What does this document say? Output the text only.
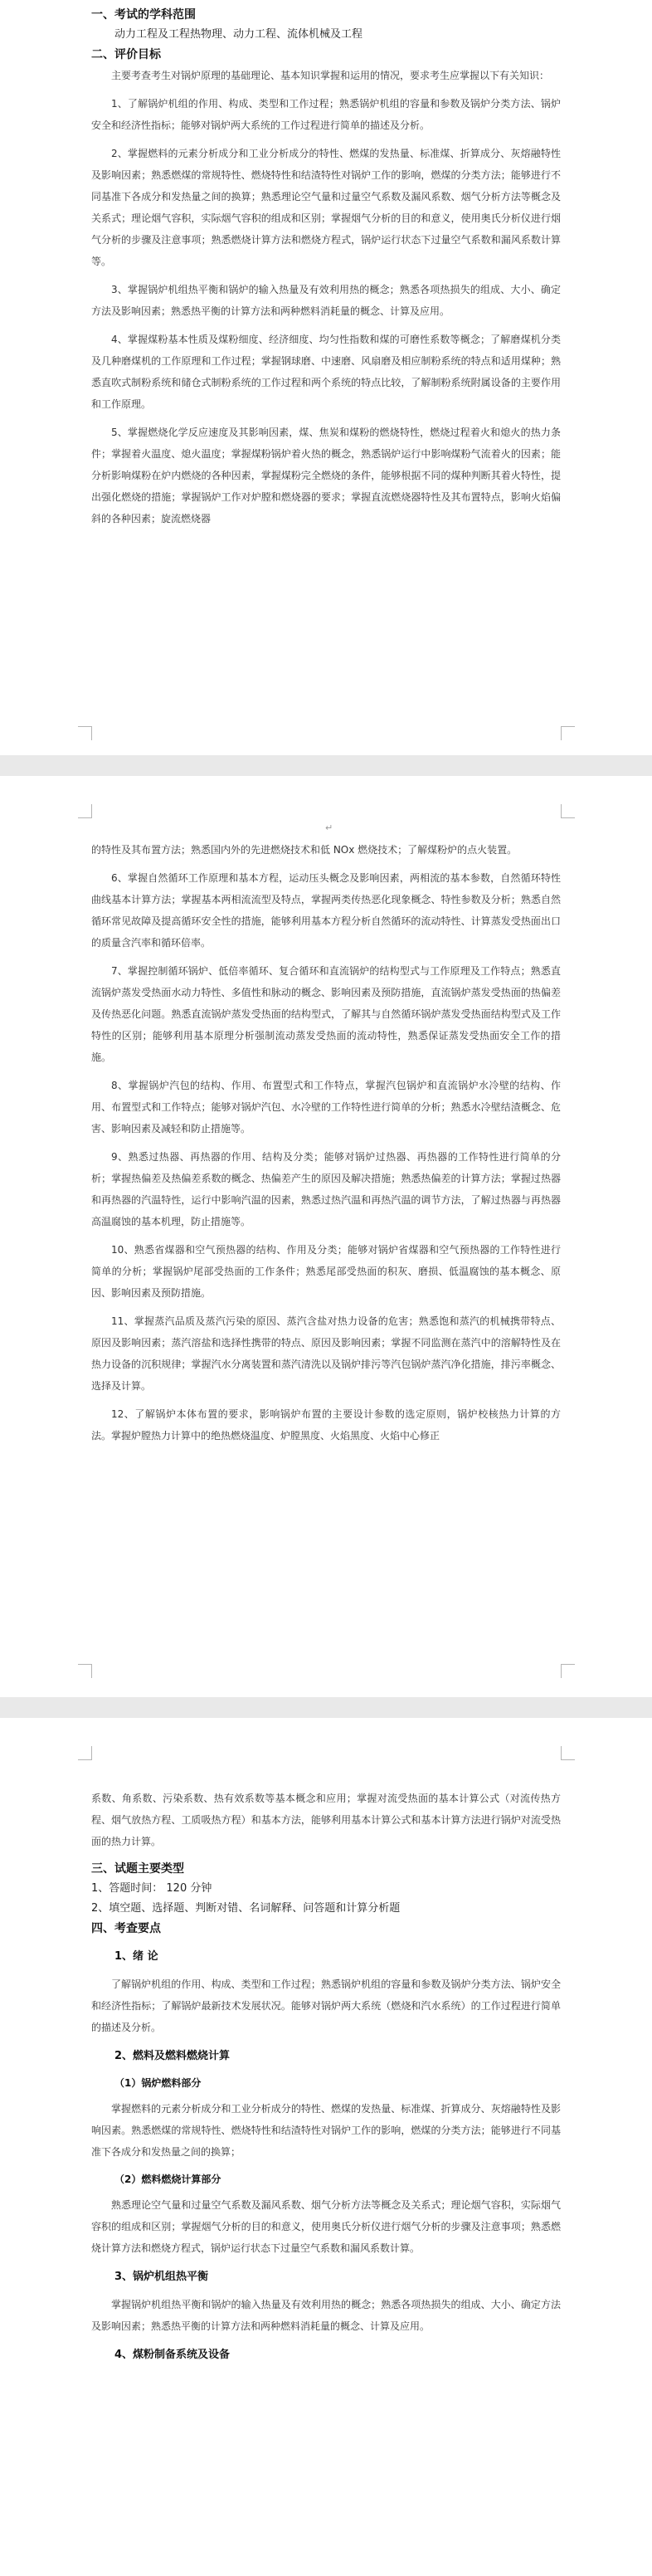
一、考试的学科范围

动力工程及工程热物理、动力工程、流体机械及工程

二、评价目标

主要考查考生对锅炉原理的基础理论、基本知识掌握和运用的情况，要求考生应掌握以下有关知识：

1、了解锅炉机组的作用、构成、类型和工作过程；熟悉锅炉机组的容量和参数及锅炉分类方法、锅炉安全和经济性指标；能够对锅炉两大系统的工作过程进行简单的描述及分析。

2、掌握燃料的元素分析成分和工业分析成分的特性、燃煤的发热量、标准煤、折算成分、灰熔融特性及影响因素；熟悉燃煤的常规特性、燃烧特性和结渣特性对锅炉工作的影响，燃煤的分类方法；能够进行不同基准下各成分和发热量之间的换算；熟悉理论空气量和过量空气系数及漏风系数、烟气分析方法等概念及关系式；理论烟气容积，实际烟气容积的组成和区别；掌握烟气分析的目的和意义，使用奥氏分析仪进行烟气分析的步骤及注意事项；熟悉燃烧计算方法和燃烧方程式，锅炉运行状态下过量空气系数和漏风系数计算等。

3、掌握锅炉机组热平衡和锅炉的输入热量及有效利用热的概念；熟悉各项热损失的组成、大小、确定方法及影响因素；熟悉热平衡的计算方法和两种燃料消耗量的概念、计算及应用。

4、掌握煤粉基本性质及煤粉细度、经济细度、均匀性指数和煤的可磨性系数等概念；了解磨煤机分类及几种磨煤机的工作原理和工作过程；掌握钢球磨、中速磨、风扇磨及相应制粉系统的特点和适用煤种；熟悉直吹式制粉系统和储仓式制粉系统的工作过程和两个系统的特点比较，了解制粉系统附属设备的主要作用和工作原理。

5、掌握燃烧化学反应速度及其影响因素，煤、焦炭和煤粉的燃烧特性，燃烧过程着火和熄火的热力条件；掌握着火温度、熄火温度；掌握煤粉锅炉着火热的概念，熟悉锅炉运行中影响煤粉气流着火的因素；能分析影响煤粉在炉内燃烧的各种因素，掌握煤粉完全燃烧的条件，能够根据不同的煤种判断其着火特性，提出强化燃烧的措施；掌握锅炉工作对炉膛和燃烧器的要求；掌握直流燃烧器特性及其布置特点，影响火焰偏斜的各种因素；旋流燃烧器

↵

的特性及其布置方法；熟悉国内外的先进燃烧技术和低 NOx 燃烧技术；了解煤粉炉的点火装置。

6、掌握自然循环工作原理和基本方程，运动压头概念及影响因素，两相流的基本参数，自然循环特性曲线基本计算方法；掌握基本两相流流型及特点，掌握两类传热恶化现象概念、特性参数及分析；熟悉自然循环常见故障及提高循环安全性的措施，能够利用基本方程分析自然循环的流动特性、计算蒸发受热面出口的质量含汽率和循环倍率。

7、掌握控制循环锅炉、低倍率循环、复合循环和直流锅炉的结构型式与工作原理及工作特点；熟悉直流锅炉蒸发受热面水动力特性、多值性和脉动的概念、影响因素及预防措施，直流锅炉蒸发受热面的热偏差及传热恶化问题。熟悉直流锅炉蒸发受热面的结构型式，了解其与自然循环锅炉蒸发受热面结构型式及工作特性的区别；能够利用基本原理分析强制流动蒸发受热面的流动特性，熟悉保证蒸发受热面安全工作的措施。

8、掌握锅炉汽包的结构、作用、布置型式和工作特点，掌握汽包锅炉和直流锅炉水冷壁的结构、作用、布置型式和工作特点；能够对锅炉汽包、水冷壁的工作特性进行简单的分析；熟悉水冷壁结渣概念、危害、影响因素及减轻和防止措施等。

9、熟悉过热器、再热器的作用、结构及分类；能够对锅炉过热器、再热器的工作特性进行简单的分析；掌握热偏差及热偏差系数的概念、热偏差产生的原因及解决措施；熟悉热偏差的计算方法；掌握过热器和再热器的汽温特性，运行中影响汽温的因素，熟悉过热汽温和再热汽温的调节方法，了解过热器与再热器高温腐蚀的基本机理，防止措施等。

10、熟悉省煤器和空气预热器的结构、作用及分类；能够对锅炉省煤器和空气预热器的工作特性进行简单的分析；掌握锅炉尾部受热面的工作条件；熟悉尾部受热面的积灰、磨损、低温腐蚀的基本概念、原因、影响因素及预防措施。

11、掌握蒸汽品质及蒸汽污染的原因、蒸汽含盐对热力设备的危害；熟悉饱和蒸汽的机械携带特点、原因及影响因素；蒸汽溶盐和选择性携带的特点、原因及影响因素；掌握不同监测在蒸汽中的溶解特性及在热力设备的沉积规律；掌握汽水分离装置和蒸汽清洗以及锅炉排污等汽包锅炉蒸汽净化措施，排污率概念、选择及计算。

12、了解锅炉本体布置的要求，影响锅炉布置的主要设计参数的选定原则，锅炉校核热力计算的方法。掌握炉膛热力计算中的绝热燃烧温度、炉膛黑度、火焰黑度、火焰中心修正

系数、角系数、污染系数、热有效系数等基本概念和应用；掌握对流受热面的基本计算公式（对流传热方程、烟气放热方程、工质吸热方程）和基本方法，能够利用基本计算公式和基本计算方法进行锅炉对流受热面的热力计算。

三、试题主要类型

1、答题时间： 120 分钟

2、填空题、选择题、判断对错、名词解释、问答题和计算分析题

四、考查要点

1、绪 论

了解锅炉机组的作用、构成、类型和工作过程；熟悉锅炉机组的容量和参数及锅炉分类方法、锅炉安全和经济性指标；了解锅炉最新技术发展状况。能够对锅炉两大系统（燃烧和汽水系统）的工作过程进行简单的描述及分析。

2、燃料及燃料燃烧计算

（1）锅炉燃料部分

掌握燃料的元素分析成分和工业分析成分的特性、燃煤的发热量、标准煤、折算成分、灰熔融特性及影响因素。熟悉燃煤的常规特性、燃烧特性和结渣特性对锅炉工作的影响，燃煤的分类方法；能够进行不同基准下各成分和发热量之间的换算；

（2）燃料燃烧计算部分

熟悉理论空气量和过量空气系数及漏风系数、烟气分析方法等概念及关系式；理论烟气容积，实际烟气容积的组成和区别；掌握烟气分析的目的和意义，使用奥氏分析仪进行烟气分析的步骤及注意事项；熟悉燃烧计算方法和燃烧方程式，锅炉运行状态下过量空气系数和漏风系数计算。

3、锅炉机组热平衡

掌握锅炉机组热平衡和锅炉的输入热量及有效利用热的概念；熟悉各项热损失的组成、大小、确定方法及影响因素；熟悉热平衡的计算方法和两种燃料消耗量的概念、计算及应用。

4、煤粉制备系统及设备
